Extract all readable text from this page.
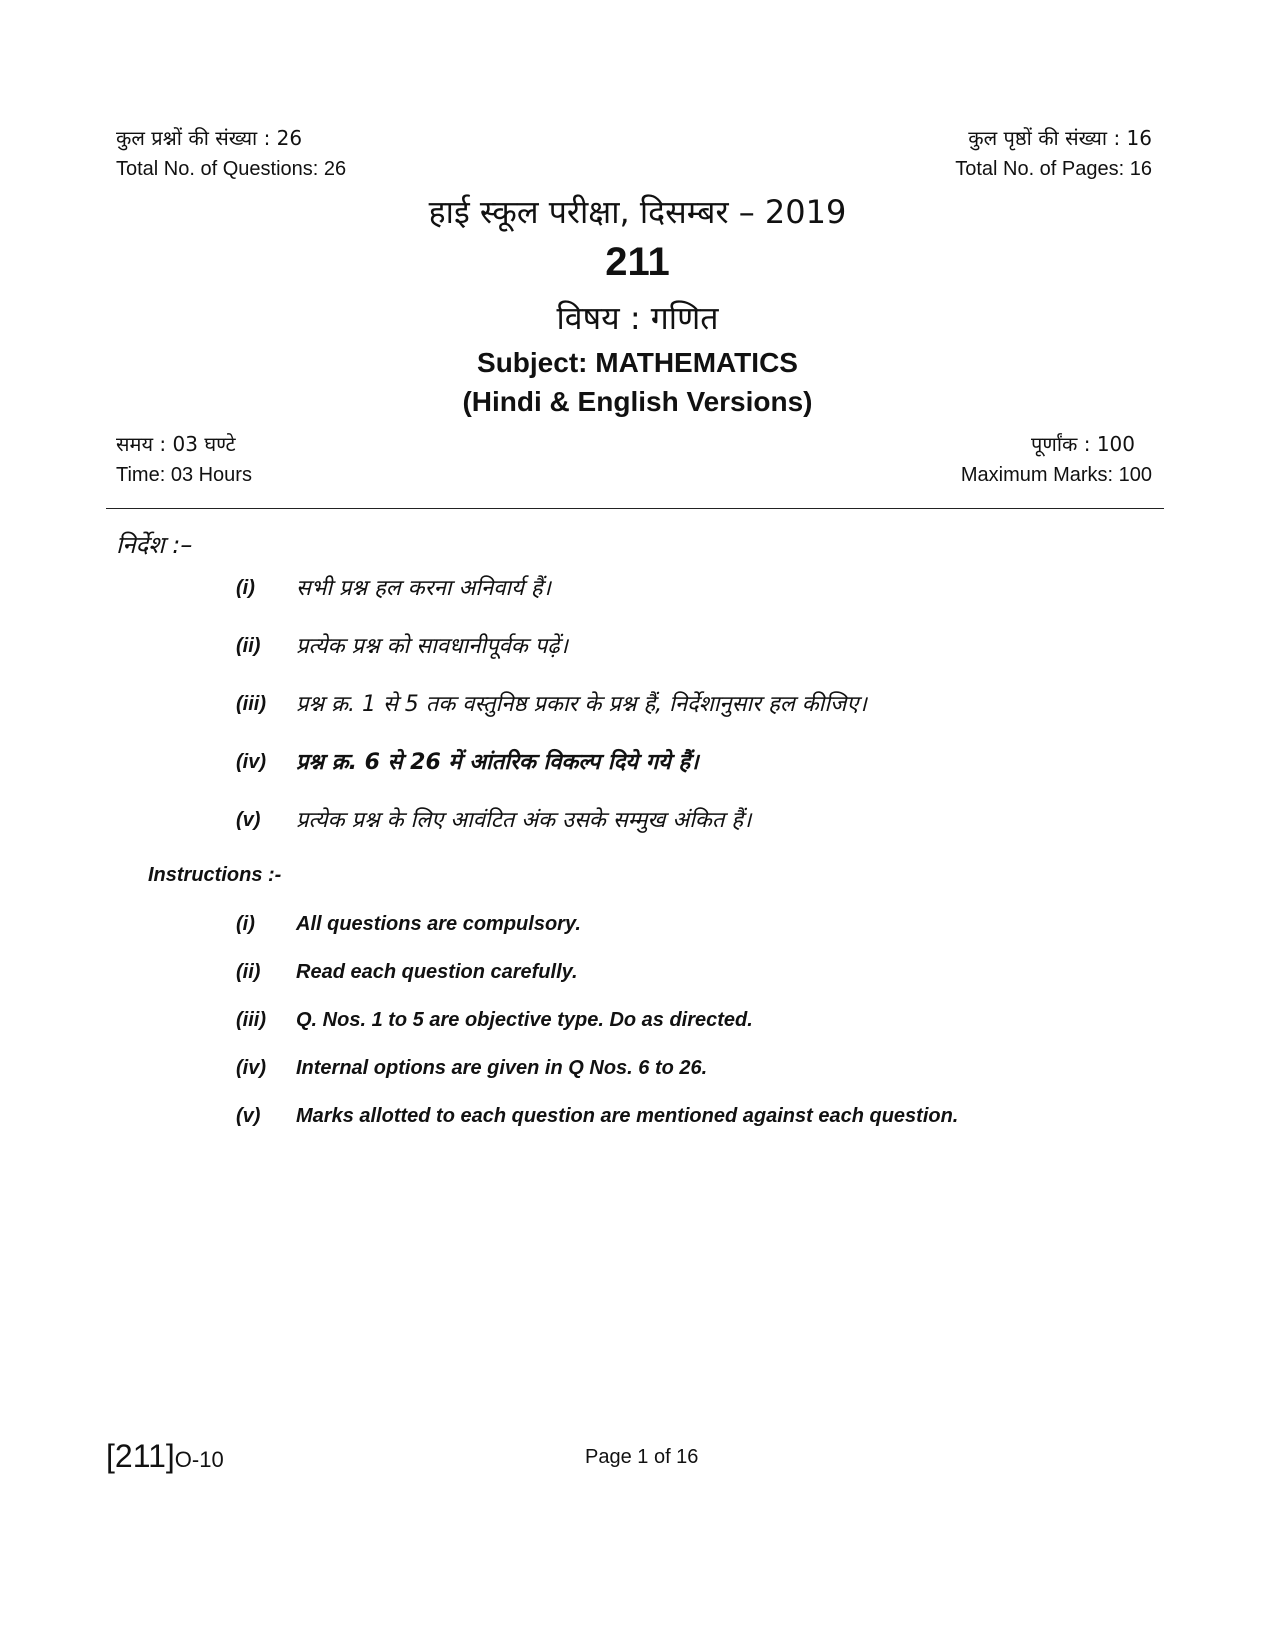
कुल प्रश्नों की संख्या : 26
Total No. of Questions: 26
कुल पृष्ठों की संख्या : 16
Total No. of Pages: 16
हाई स्कूल परीक्षा, दिसम्बर – 2019
211
विषय : गणित
Subject: MATHEMATICS
(Hindi & English Versions)
समय : 03 घण्टे
Time: 03 Hours
पूर्णांक : 100
Maximum Marks: 100
निर्देश :–
(i) सभी प्रश्न हल करना अनिवार्य हैं।
(ii) प्रत्येक प्रश्न को सावधानीपूर्वक पढ़ें।
(iii) प्रश्न क्र. 1 से 5 तक वस्तुनिष्ठ प्रकार के प्रश्न हैं, निर्देशानुसार हल कीजिए।
(iv) प्रश्न क्र. 6 से 26 में आंतरिक विकल्प दिये गये हैं।
(v) प्रत्येक प्रश्न के लिए आवंटित अंक उसके सम्मुख अंकित हैं।
Instructions :-
(i) All questions are compulsory.
(ii) Read each question carefully.
(iii) Q. Nos. 1 to 5 are objective type. Do as directed.
(iv) Internal options are given in Q Nos. 6 to 26.
(v) Marks allotted to each question are mentioned against each question.
[211]O-10	Page 1 of 16
